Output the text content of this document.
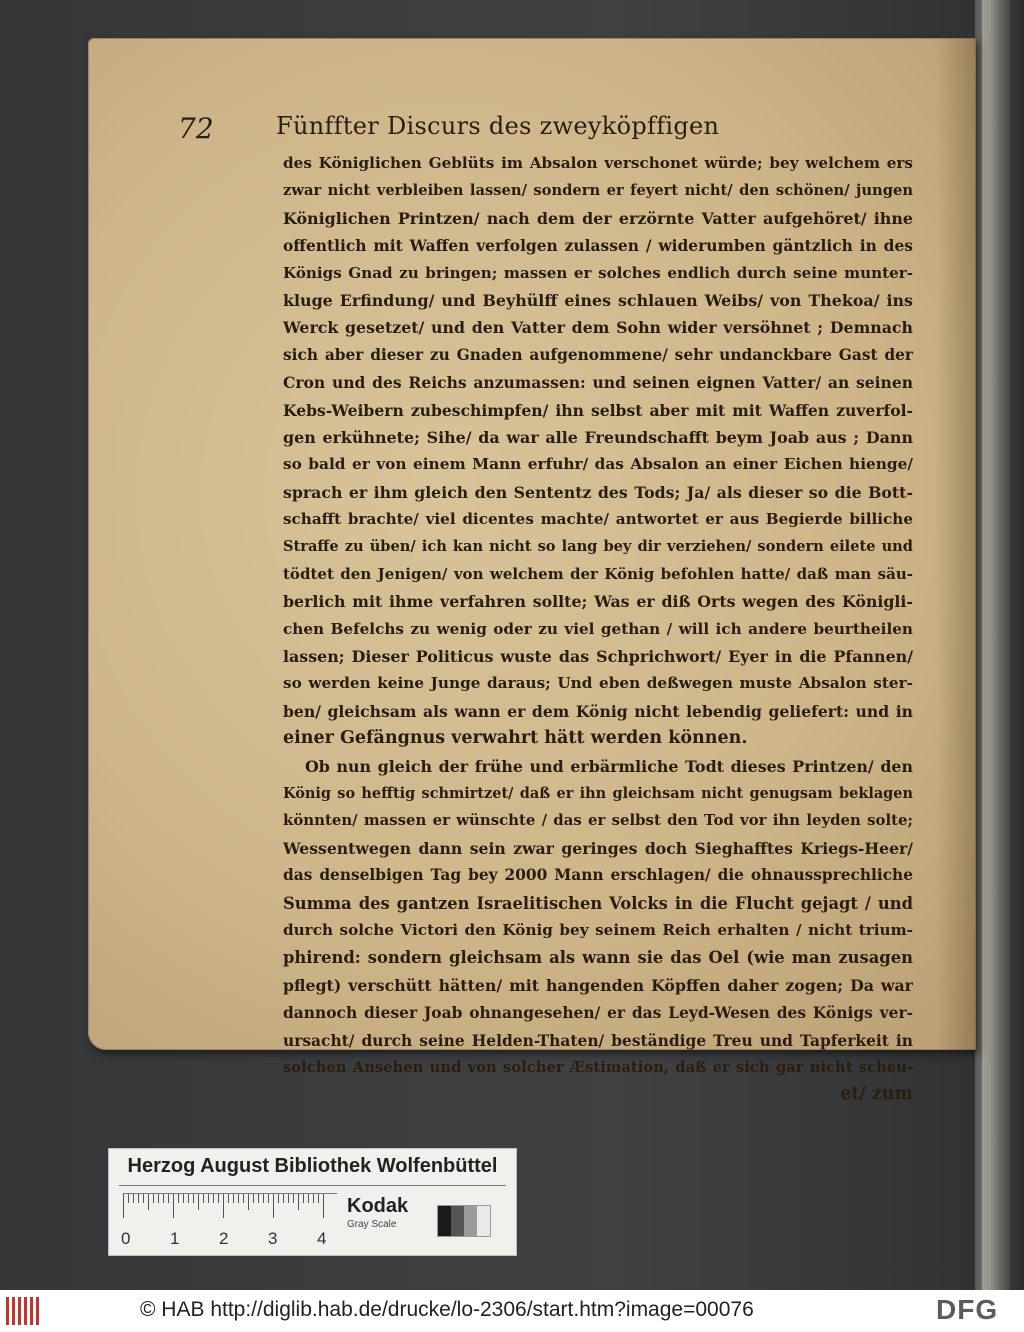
72	Fünffter Discurs des zweyköpffigen
des Königlichen Geblüts im Absalon verschonet würde; bey welchem ers
zwar nicht verbleiben lassen/ sondern er feyert nicht/ den schönen/ jungen
Königlichen Printzen/ nach dem der erzörnte Vatter aufgehöret/ ihne
offentlich mit Waffen verfolgen zulassen / widerumben gäntzlich in des
Königs Gnad zu bringen; massen er solches endlich durch seine munter-
kluge Erfindung/ und Beyhülff eines schlauen Weibs/ von Thekoa/ ins
Werck gesetzet/ und den Vatter dem Sohn wider versöhnet ; Demnach
sich aber dieser zu Gnaden aufgenommene/ sehr undanckbare Gast der
Cron und des Reichs anzumassen: und seinen eignen Vatter/ an seinen
Kebs-Weibern zubeschimpfen/ ihn selbst aber mit mit Waffen zuverfol-
gen erkühnete; Sihe/ da war alle Freundschafft beym Joab aus ; Dann
so bald er von einem Mann erfuhr/ das Absalon an einer Eichen hienge/
sprach er ihm gleich den Sententz des Tods; Ja/ als dieser so die Bott-
schafft brachte/ viel dicentes machte/ antwortet er aus Begierde billiche
Straffe zu üben/ ich kan nicht so lang bey dir verziehen/ sondern eilete und
tödtet den Jenigen/ von welchem der König befohlen hatte/ daß man säu-
berlich mit ihme verfahren sollte; Was er diß Orts wegen des Königli-
chen Befelchs zu wenig oder zu viel gethan / will ich andere beurtheilen
lassen; Dieser Politicus wuste das Schprichwort/ Eyer in die Pfannen/
so werden keine Junge daraus; Und eben deßwegen muste Absalon ster-
ben/ gleichsam als wann er dem König nicht lebendig geliefert: und in
einer Gefängnus verwahrt hätt werden können.
Ob nun gleich der frühe und erbärmliche Todt dieses Printzen/ den
König so hefftig schmirtzet/ daß er ihn gleichsam nicht genugsam beklagen
könnten/ massen er wünschte / das er selbst den Tod vor ihn leyden solte;
Wessentwegen dann sein zwar geringes doch Sieghafftes Kriegs-Heer/
das denselbigen Tag bey 2000 Mann erschlagen/ die ohnaussprechliche
Summa des gantzen Israelitischen Volcks in die Flucht gejagt / und
durch solche Victori den König bey seinem Reich erhalten / nicht trium-
phirend: sondern gleichsam als wann sie das Oel (wie man zusagen
pflegt) verschütt hätten/ mit hangenden Köpffen daher zogen; Da war
dannoch dieser Joab ohnangesehen/ er das Leyd-Wesen des Königs ver-
ursacht/ durch seine Helden-Thaten/ beständige Treu und Tapferkeit in
solchen Ansehen und von solcher Æstimation, daß er sich gar nicht scheu-
et/ zum
Herzog August Bibliothek Wolfenbüttel
0 1 2 3 4
Kodak
Gray Scale
© HAB http://diglib.hab.de/drucke/lo-2306/start.htm?image=00076	DFG
